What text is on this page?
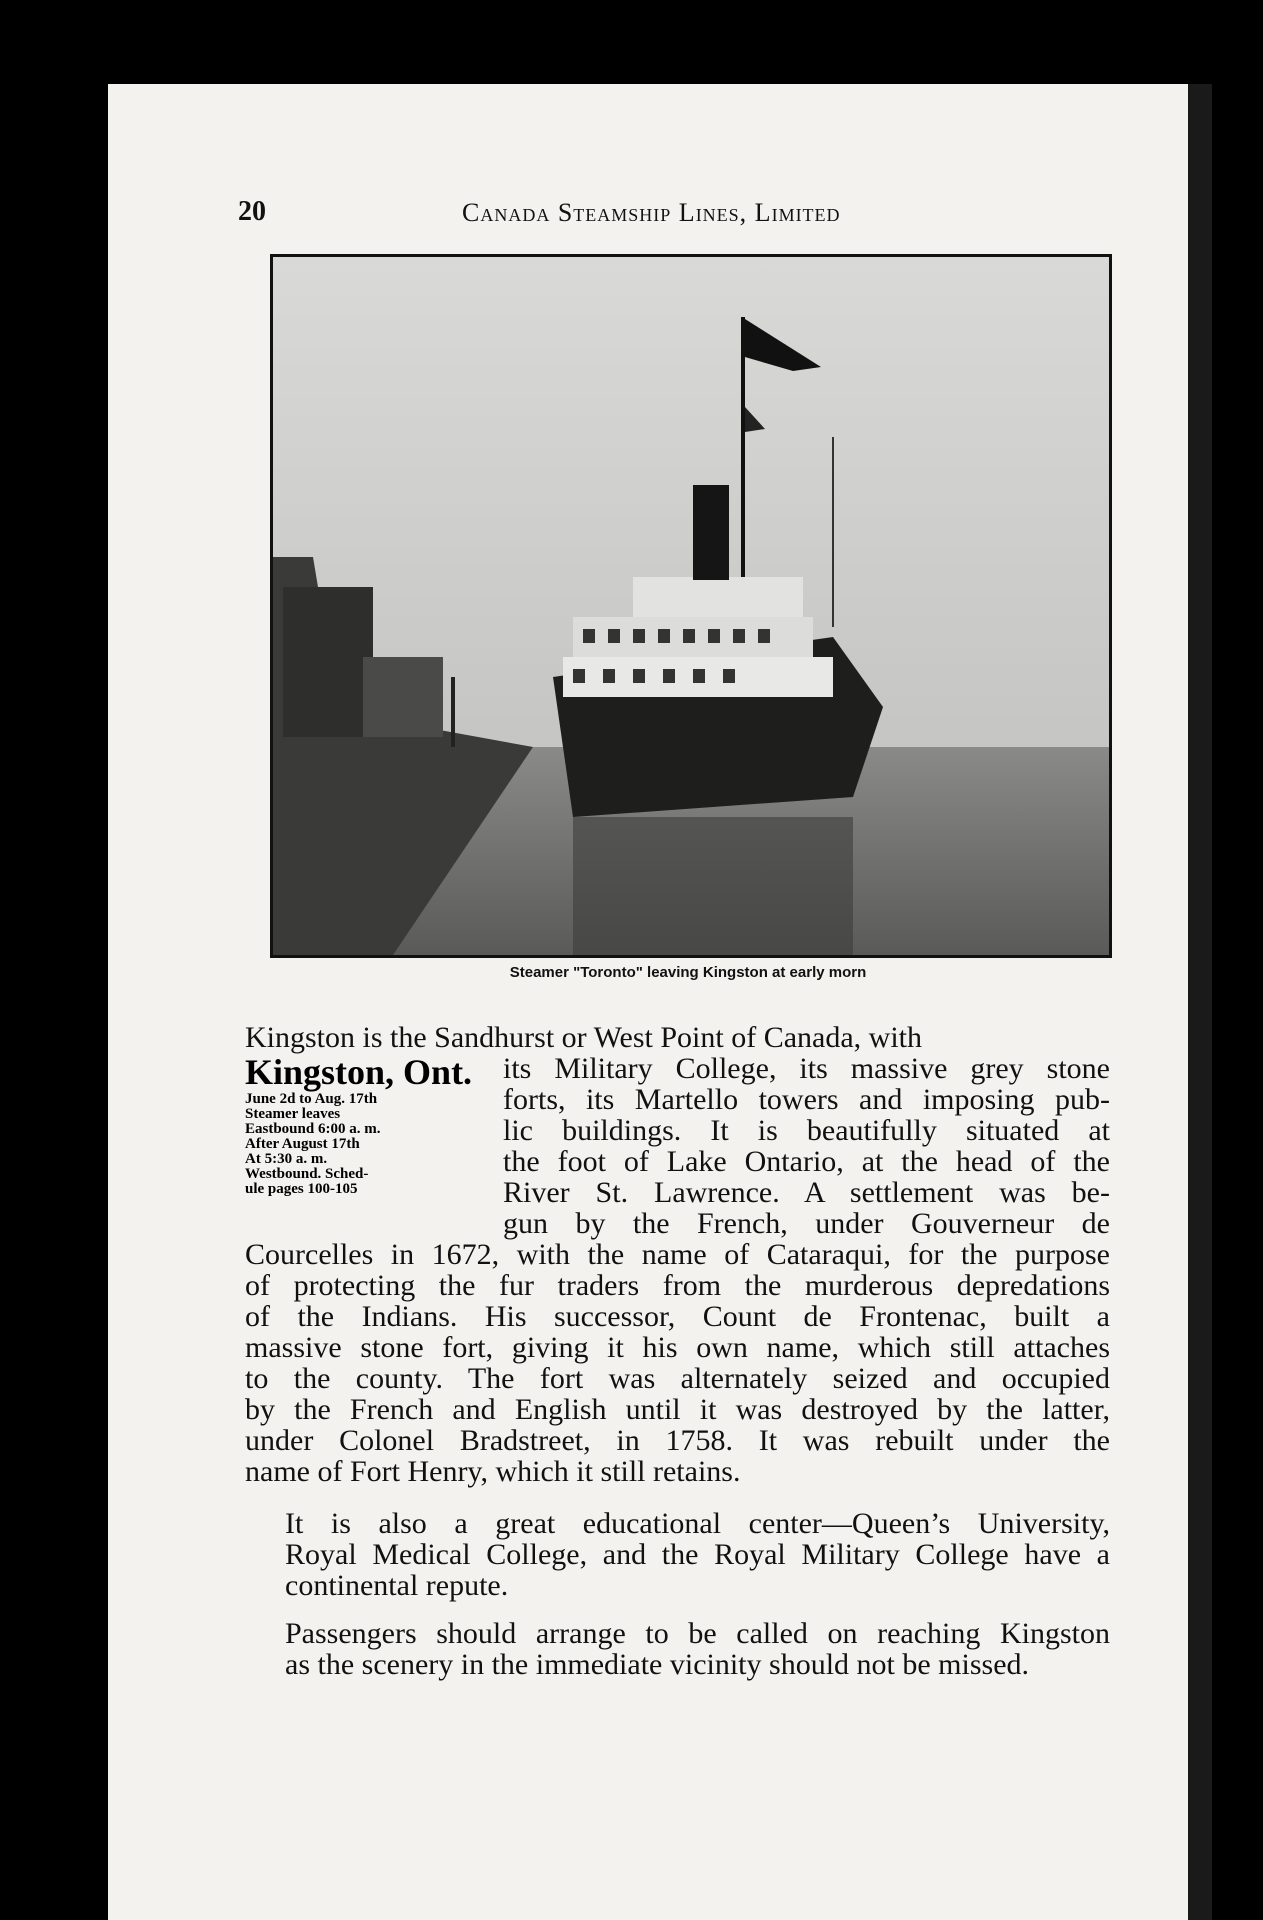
20	Canada Steamship Lines, Limited
Steamer "Toronto" leaving Kingston at early morn
Kingston is the Sandhurst or West Point of Canada, with
Kingston, Ont.
June 2d to Aug. 17th
Steamer leaves
Eastbound 6:00 a. m.
After August 17th
At 5:30 a. m.
Westbound. Sched-
ule pages 100-105
its Military College, its massive grey stone
forts, its Martello towers and imposing pub-
lic buildings. It is beautifully situated at
the foot of Lake Ontario, at the head of the
River St. Lawrence. A settlement was be-
gun by the French, under Gouverneur de
Courcelles in 1672, with the name of Cataraqui, for the purpose
of protecting the fur traders from the murderous depredations
of the Indians. His successor, Count de Frontenac, built a
massive stone fort, giving it his own name, which still attaches
to the county. The fort was alternately seized and occupied
by the French and English until it was destroyed by the latter,
under Colonel Bradstreet, in 1758. It was rebuilt under the
name of Fort Henry, which it still retains.
It is also a great educational center—Queen’s University,
Royal Medical College, and the Royal Military College have a
continental repute.
Passengers should arrange to be called on reaching Kingston
as the scenery in the immediate vicinity should not be missed.
